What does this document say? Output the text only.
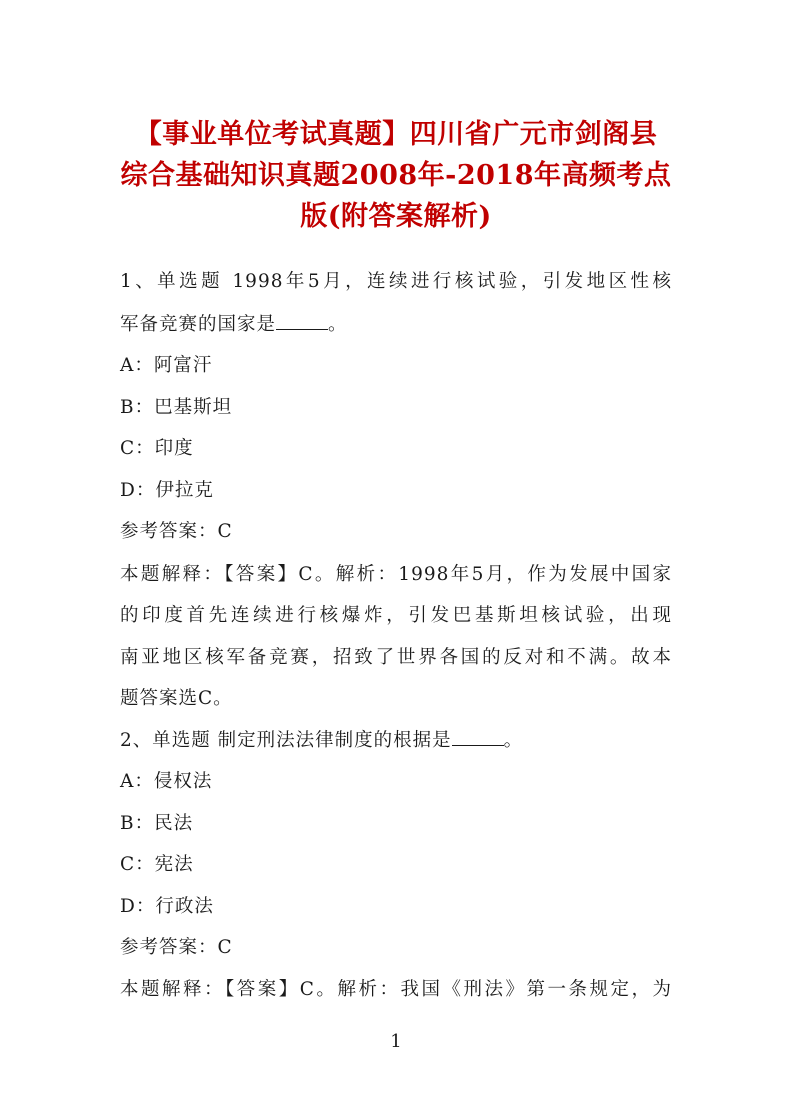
【事业单位考试真题】四川省广元市剑阁县
综合基础知识真题2008年-2018年高频考点
版(附答案解析)
1、单选题 1998年5月，连续进行核试验，引发地区性核
军备竞赛的国家是	。
A：阿富汗
B：巴基斯坦
C：印度
D：伊拉克
参考答案：C
本题解释：【答案】C。解析：1998年5月，作为发展中国家
的印度首先连续进行核爆炸，引发巴基斯坦核试验，出现
南亚地区核军备竞赛，招致了世界各国的反对和不满。故本
题答案选C。
2、单选题 制定刑法法律制度的根据是	。
A：侵权法
B：民法
C：宪法
D：行政法
参考答案：C
本题解释：【答案】C。解析：我国《刑法》第一条规定，为
1
